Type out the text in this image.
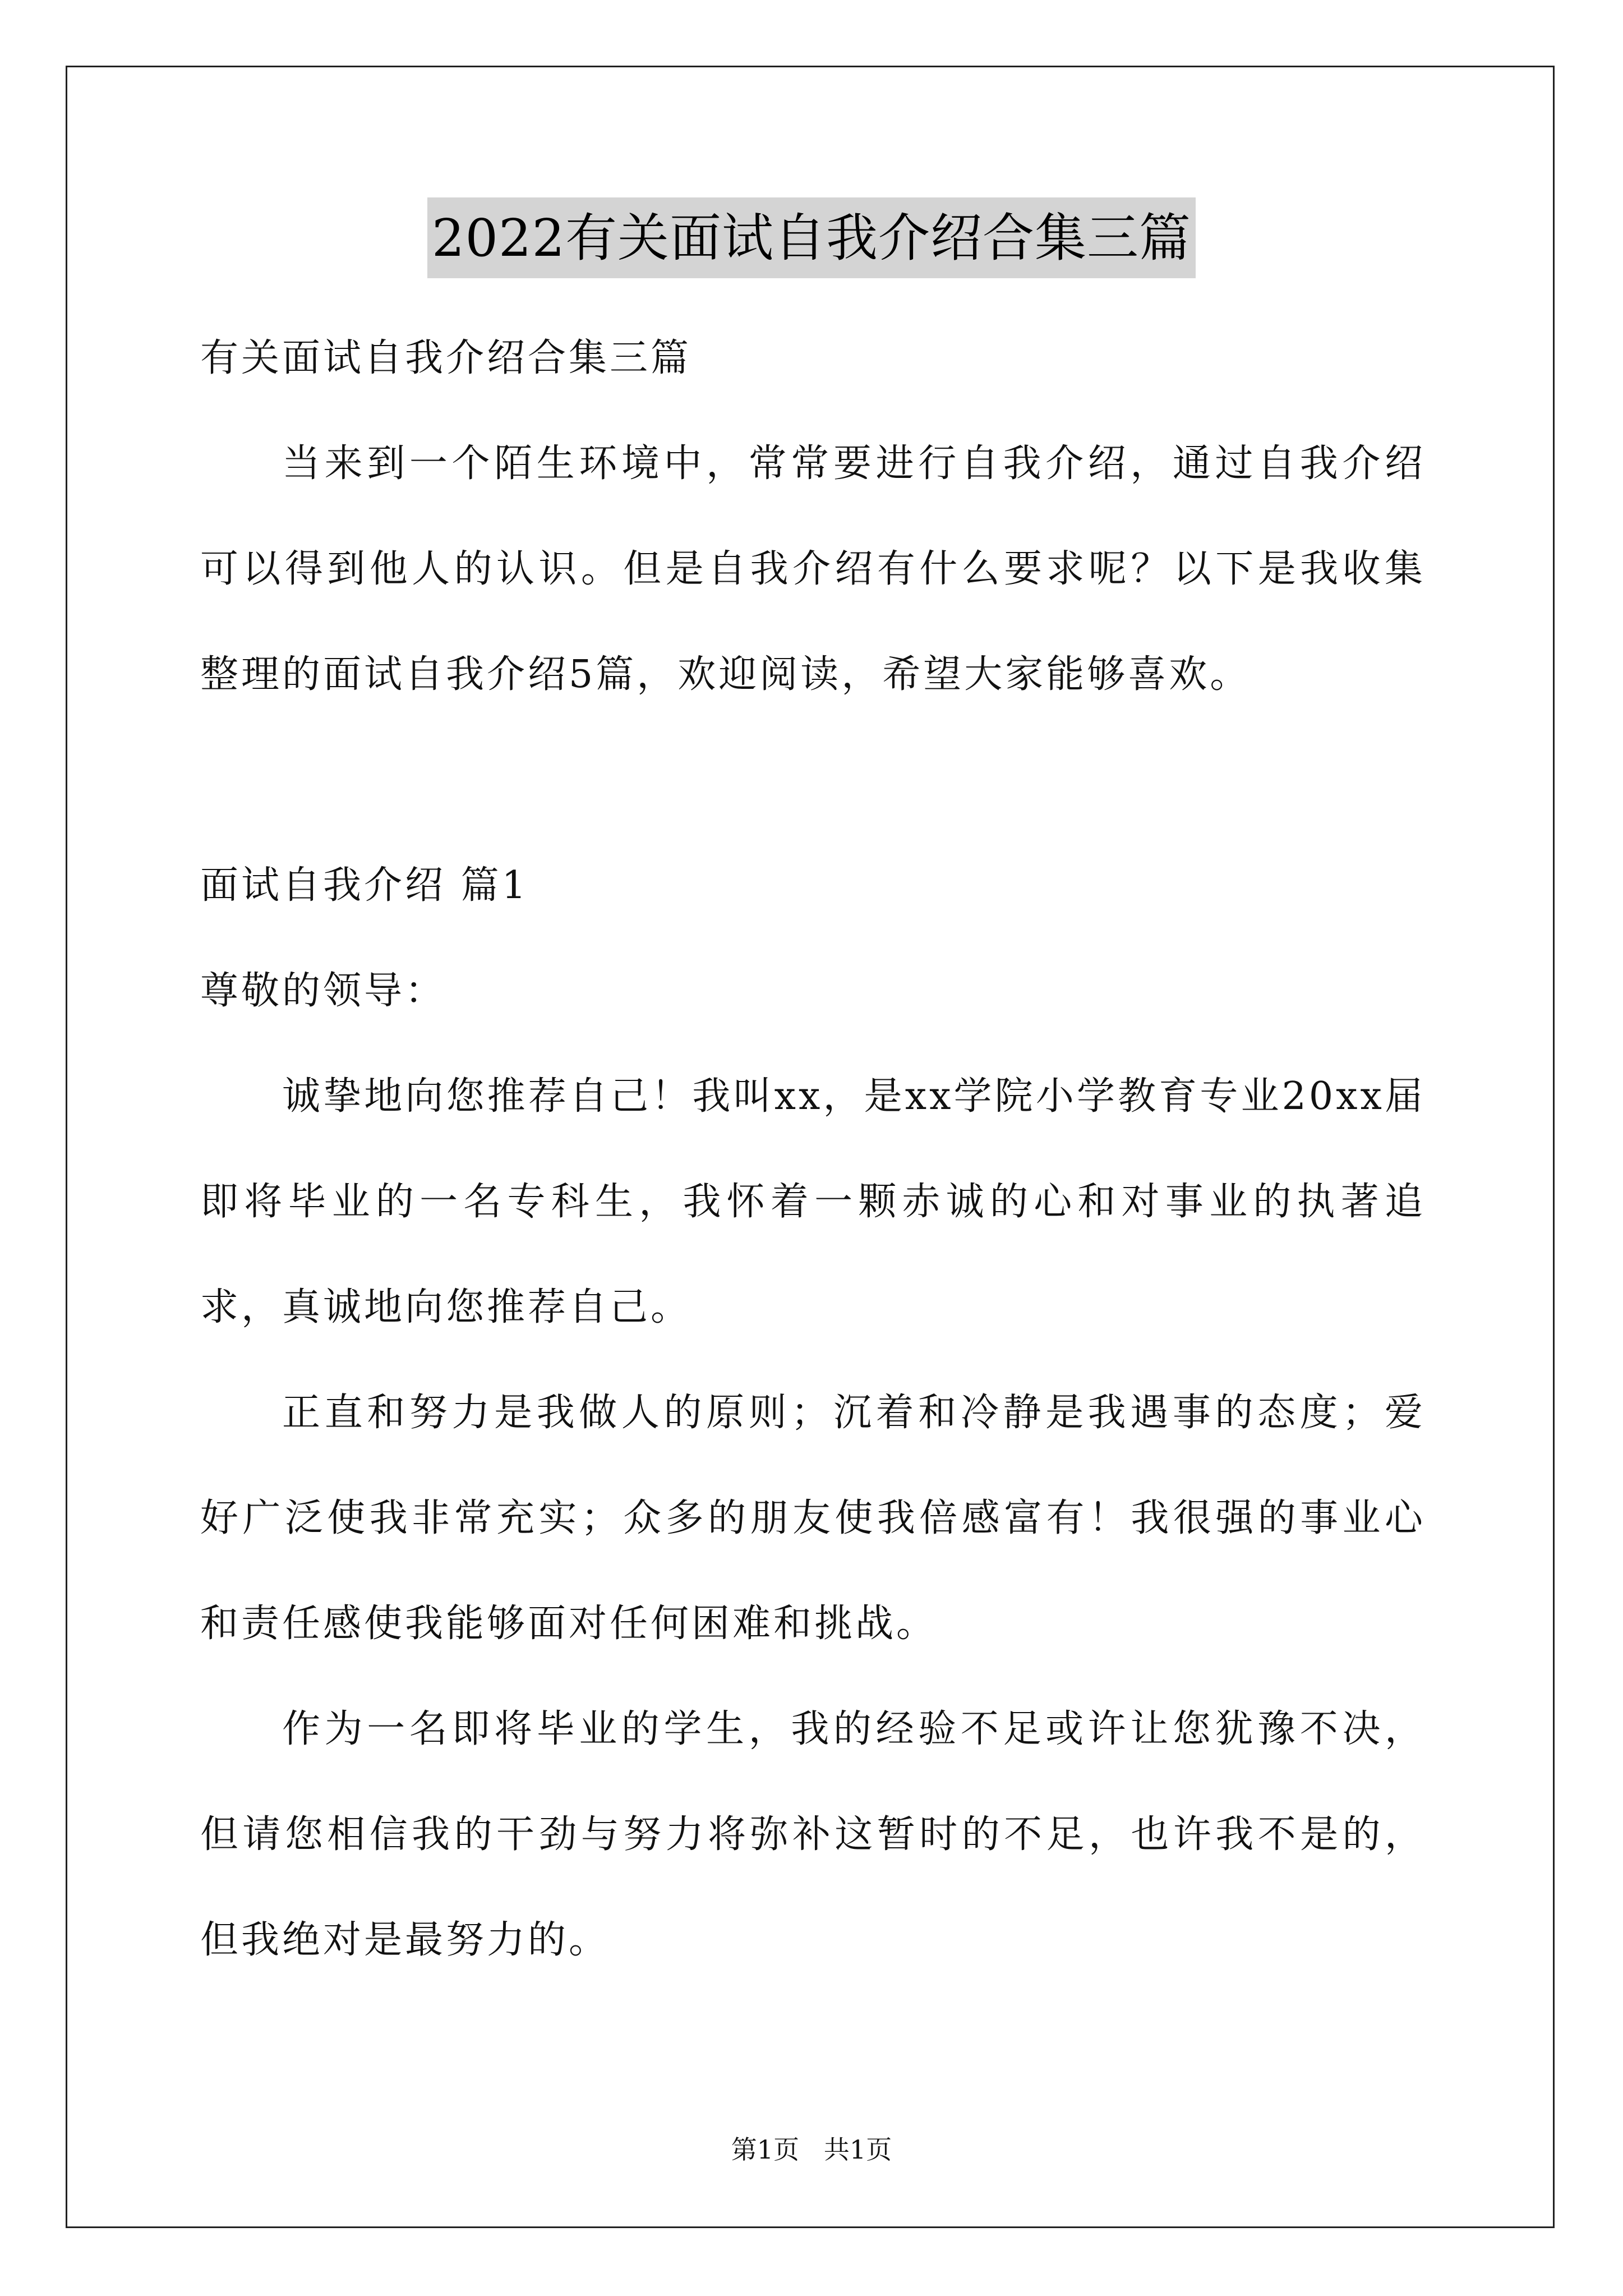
2022有关面试自我介绍合集三篇

有关面试自我介绍合集三篇

当来到一个陌生环境中，常常要进行自我介绍，通过自我介绍可以得到他人的认识。但是自我介绍有什么要求呢？以下是我收集整理的面试自我介绍5篇，欢迎阅读，希望大家能够喜欢。

面试自我介绍 篇1

尊敬的领导：

诚挚地向您推荐自己！我叫xx，是xx学院小学教育专业20xx届即将毕业的一名专科生，我怀着一颗赤诚的心和对事业的执著追求，真诚地向您推荐自己。

正直和努力是我做人的原则；沉着和冷静是我遇事的态度；爱好广泛使我非常充实；众多的朋友使我倍感富有！我很强的事业心和责任感使我能够面对任何困难和挑战。

作为一名即将毕业的学生，我的经验不足或许让您犹豫不决，但请您相信我的干劲与努力将弥补这暂时的不足，也许我不是的，但我绝对是最努力的。

第1页   共1页
